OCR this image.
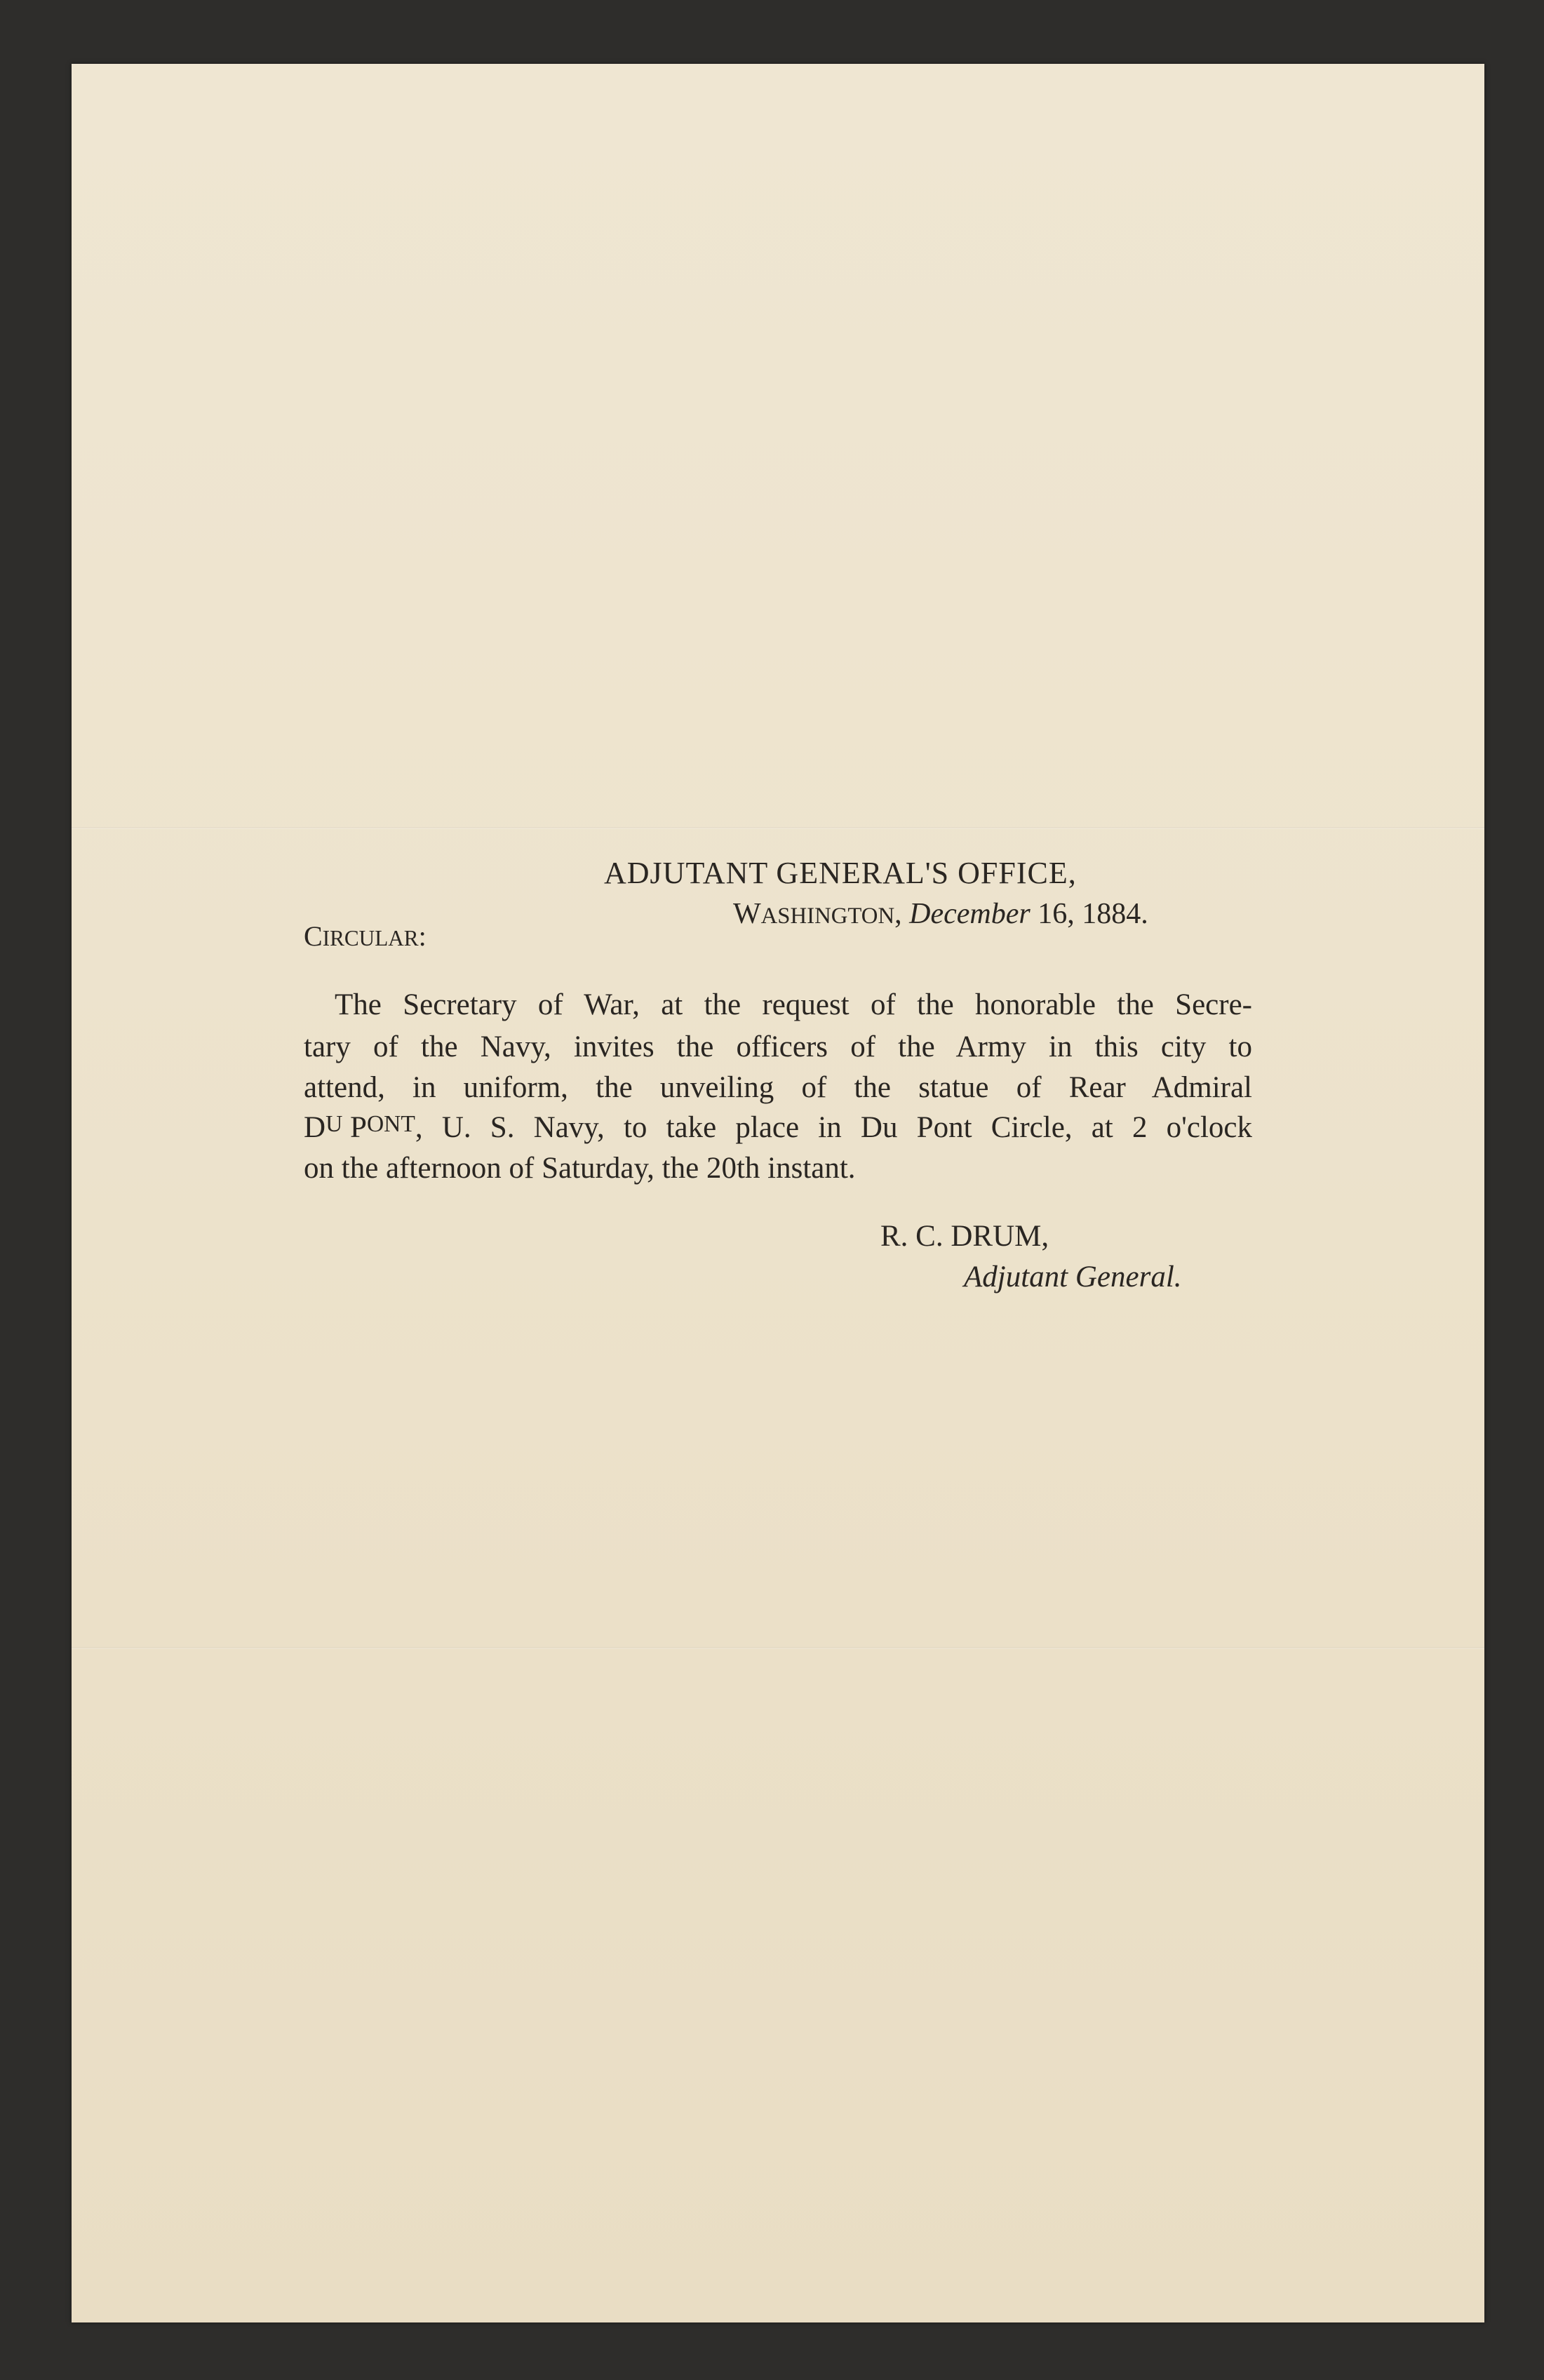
ADJUTANT GENERAL'S OFFICE,
WASHINGTON, December 16, 1884.
CIRCULAR:
The Secretary of War, at the request of the honorable the Secre-
tary of the Navy, invites the officers of the Army in this city to
attend, in uniform, the unveiling of the statue of Rear Admiral
D U
P ONT , U. S. Navy, to take place in Du Pont Circle, at 2 o'clock
on the afternoon of Saturday, the 20th instant.
R. C. DRUM,
Adjutant General.
